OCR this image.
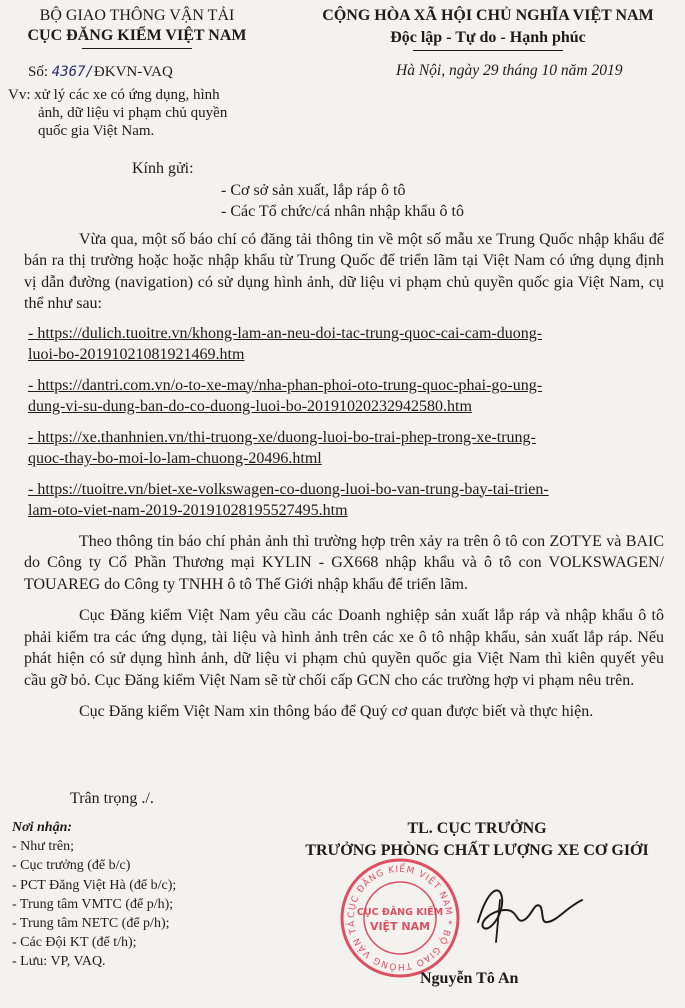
BỘ GIAO THÔNG VẬN TẢI
CỤC ĐĂNG KIỂM VIỆT NAM
Số: 4367/ĐKVN-VAQ
Vv: xử lý các xe có ứng dụng, hình
ảnh, dữ liệu vi phạm chủ quyền
quốc gia Việt Nam.
CỘNG HÒA XÃ HỘI CHỦ NGHĨA VIỆT NAM
Độc lập - Tự do - Hạnh phúc
Hà Nội, ngày 29 tháng 10 năm 2019
Kính gửi:
- Cơ sở sản xuất, lắp ráp ô tô
- Các Tổ chức/cá nhân nhập khẩu ô tô

Vừa qua, một số báo chí có đăng tải thông tin về một số mẫu xe Trung Quốc nhập khẩu để bán ra thị trường hoặc hoặc nhập khẩu từ Trung Quốc để triển lãm tại Việt Nam có ứng dụng định vị dẫn đường (navigation) có sử dụng hình ảnh, dữ liệu vi phạm chủ quyền quốc gia Việt Nam, cụ thể như sau:

- https://dulich.tuoitre.vn/khong-lam-an-neu-doi-tac-trung-quoc-cai-cam-duong-
luoi-bo-20191021081921469.htm
- https://dantri.com.vn/o-to-xe-may/nha-phan-phoi-oto-trung-quoc-phai-go-ung-
dung-vi-su-dung-ban-do-co-duong-luoi-bo-20191020232942580.htm
- https://xe.thanhnien.vn/thi-truong-xe/duong-luoi-bo-trai-phep-trong-xe-trung-
quoc-thay-bo-moi-lo-lam-chuong-20496.html
- https://tuoitre.vn/biet-xe-volkswagen-co-duong-luoi-bo-van-trung-bay-tai-trien-
lam-oto-viet-nam-2019-20191028195527495.htm

Theo thông tin báo chí phản ảnh thì trường hợp trên xảy ra trên ô tô con ZOTYE và BAIC do Công ty Cổ Phần Thương mại KYLIN - GX668 nhập khẩu và ô tô con VOLKSWAGEN/ TOUAREG do Công ty TNHH ô tô Thế Giới nhập khẩu để triển lãm.

Cục Đăng kiểm Việt Nam yêu cầu các Doanh nghiệp sản xuất lắp ráp và nhập khẩu ô tô phải kiểm tra các ứng dụng, tài liệu và hình ảnh trên các xe ô tô nhập khẩu, sản xuất lắp ráp. Nếu phát hiện có sử dụng hình ảnh, dữ liệu vi phạm chủ quyền quốc gia Việt Nam thì kiên quyết yêu cầu gỡ bỏ. Cục Đăng kiểm Việt Nam sẽ từ chối cấp GCN cho các trường hợp vi phạm nêu trên.

Cục Đăng kiểm Việt Nam xin thông báo để Quý cơ quan được biết và thực hiện.

Trân trọng ./.
Nơi nhận:
- Như trên;
- Cục trưởng (để b/c)
- PCT Đăng Việt Hà (để b/c);
- Trung tâm VMTC (để p/h);
- Trung tâm NETC (để p/h);
- Các Đội KT (để t/h);
- Lưu: VP, VAQ.
TL. CỤC TRƯỞNG
TRƯỞNG PHÒNG CHẤT LƯỢNG XE CƠ GIỚI
CỤC ĐĂNG KIỂM VIỆT NAM * BỘ GIAO THÔNG VẬN TẢ
CỤC ĐĂNG KIỂM
VIỆT NAM
Nguyễn Tô An
